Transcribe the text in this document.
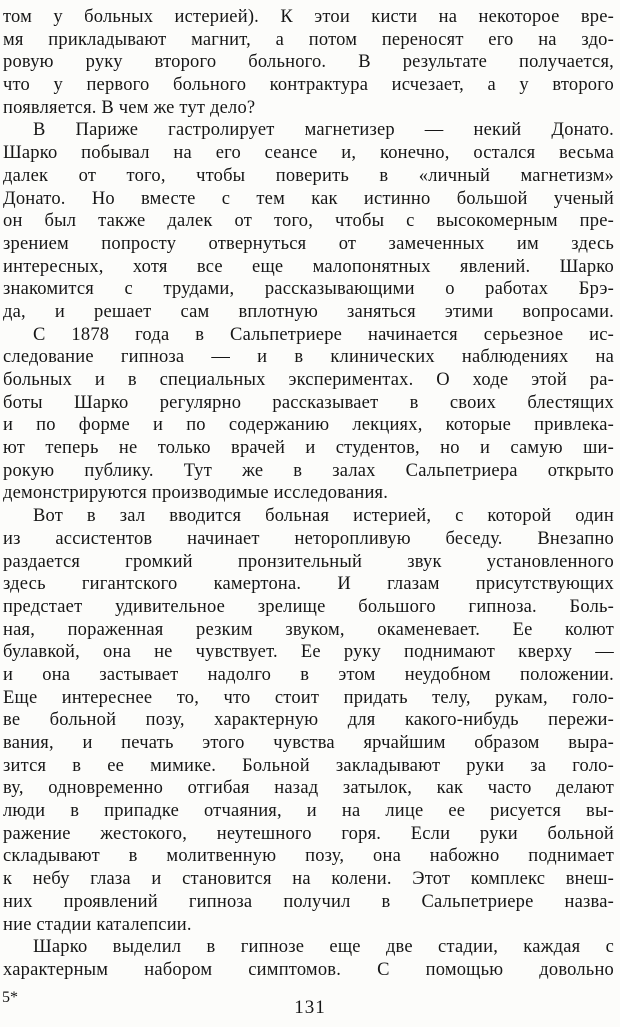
том у больных истерией). К этои кисти на некоторое вре-
мя прикладывают магнит, а потом переносят его на здо-
ровую руку второго больного. В результате получается,
что у первого больного контрактура исчезает, а у второго
появляется. В чем же тут дело?
В Париже гастролирует магнетизер — некий Донато.
Шарко побывал на его сеансе и, конечно, остался весьма
далек от того, чтобы поверить в «личный магнетизм»
Донато. Но вместе с тем как истинно большой ученый
он был также далек от того, чтобы с высокомерным пре-
зрением попросту отвернуться от замеченных им здесь
интересных, хотя все еще малопонятных явлений. Шарко
знакомится с трудами, рассказывающими о работах Брэ-
да, и решает сам вплотную заняться этими вопросами.
С 1878 года в Сальпетриере начинается серьезное ис-
следование гипноза — и в клинических наблюдениях на
больных и в специальных экспериментах. О ходе этой ра-
боты Шарко регулярно рассказывает в своих блестящих
и по форме и по содержанию лекциях, которые привлека-
ют теперь не только врачей и студентов, но и самую ши-
рокую публику. Тут же в залах Сальпетриера открыто
демонстрируются производимые исследования.
Вот в зал вводится больная истерией, с которой один
из ассистентов начинает неторопливую беседу. Внезапно
раздается громкий пронзительный звук установленного
здесь гигантского камертона. И глазам присутствующих
предстает удивительное зрелище большого гипноза. Боль-
ная, пораженная резким звуком, окаменевает. Ее колют
булавкой, она не чувствует. Ее руку поднимают кверху —
и она застывает надолго в этом неудобном положении.
Еще интереснее то, что стоит придать телу, рукам, голо-
ве больной позу, характерную для какого-нибудь пережи-
вания, и печать этого чувства ярчайшим образом выра-
зится в ее мимике. Больной закладывают руки за голо-
ву, одновременно отгибая назад затылок, как часто делают
люди в припадке отчаяния, и на лице ее рисуется вы-
ражение жестокого, неутешного горя. Если руки больной
складывают в молитвенную позу, она набожно поднимает
к небу глаза и становится на колени. Этот комплекс внеш-
них проявлений гипноза получил в Сальпетриере назва-
ние стадии каталепсии.
Шарко выделил в гипнозе еще две стадии, каждая с
характерным набором симптомов. С помощью довольно
5*	131
